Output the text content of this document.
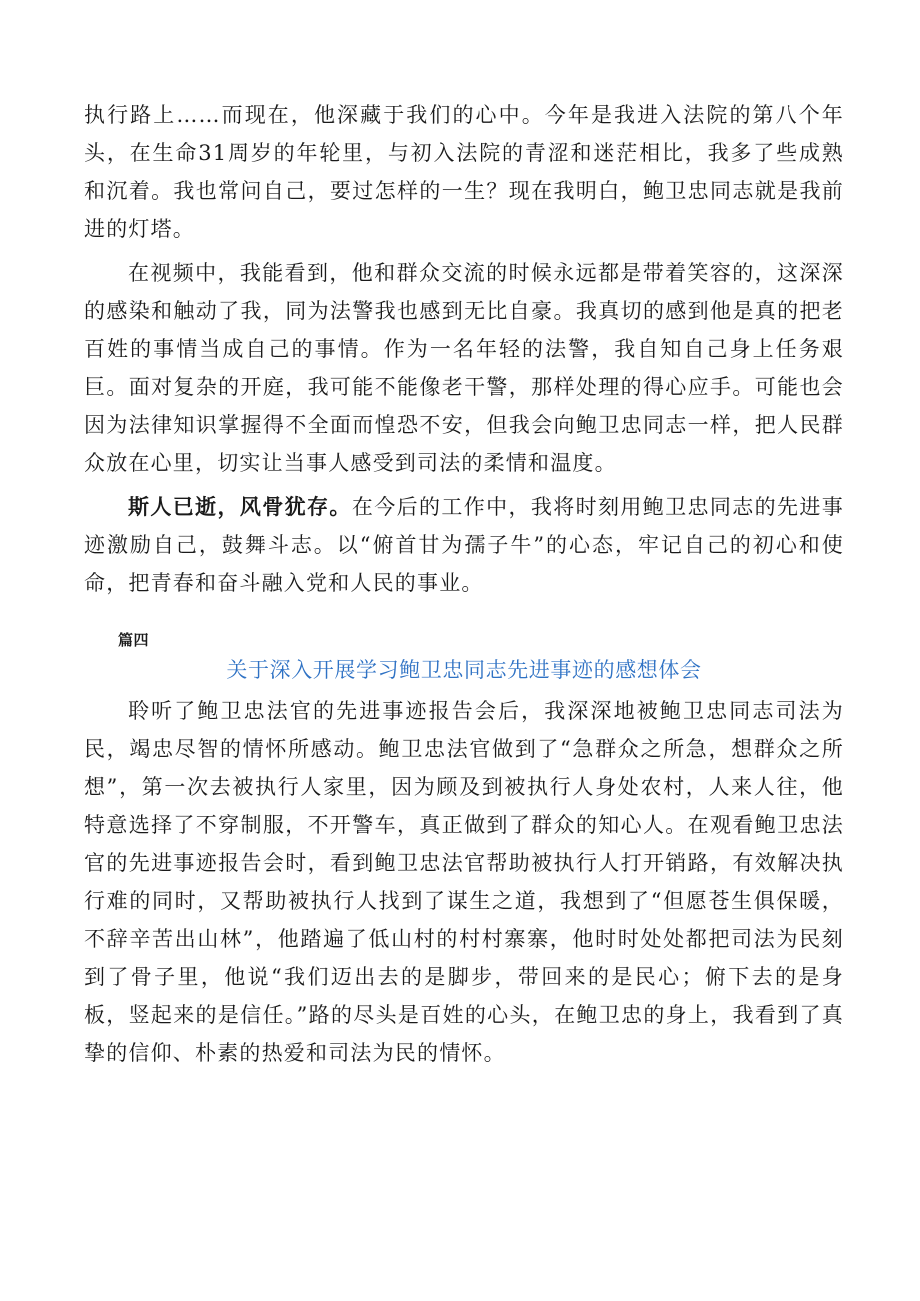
执行路上……而现在，他深藏于我们的心中。今年是我进入法院的第八个年头，在生命31周岁的年轮里，与初入法院的青涩和迷茫相比，我多了些成熟和沉着。我也常问自己，要过怎样的一生？现在我明白，鲍卫忠同志就是我前进的灯塔。

在视频中，我能看到，他和群众交流的时候永远都是带着笑容的，这深深的感染和触动了我，同为法警我也感到无比自豪。我真切的感到他是真的把老百姓的事情当成自己的事情。作为一名年轻的法警，我自知自己身上任务艰巨。面对复杂的开庭，我可能不能像老干警，那样处理的得心应手。可能也会因为法律知识掌握得不全面而惶恐不安，但我会向鲍卫忠同志一样，把人民群众放在心里，切实让当事人感受到司法的柔情和温度。

斯人已逝，风骨犹存。在今后的工作中，我将时刻用鲍卫忠同志的先进事迹激励自己，鼓舞斗志。以“俯首甘为孺子牛”的心态，牢记自己的初心和使命，把青春和奋斗融入党和人民的事业。

篇四
关于深入开展学习鲍卫忠同志先进事迹的感想体会

聆听了鲍卫忠法官的先进事迹报告会后，我深深地被鲍卫忠同志司法为民，竭忠尽智的情怀所感动。鲍卫忠法官做到了“急群众之所急，想群众之所想”，第一次去被执行人家里，因为顾及到被执行人身处农村，人来人往，他特意选择了不穿制服，不开警车，真正做到了群众的知心人。在观看鲍卫忠法官的先进事迹报告会时，看到鲍卫忠法官帮助被执行人打开销路，有效解决执行难的同时，又帮助被执行人找到了谋生之道，我想到了“但愿苍生俱保暖，不辞辛苦出山林”，他踏遍了低山村的村村寨寨，他时时处处都把司法为民刻到了骨子里，他说“我们迈出去的是脚步，带回来的是民心；俯下去的是身板，竖起来的是信任。”路的尽头是百姓的心头，在鲍卫忠的身上，我看到了真挚的信仰、朴素的热爱和司法为民的情怀。
